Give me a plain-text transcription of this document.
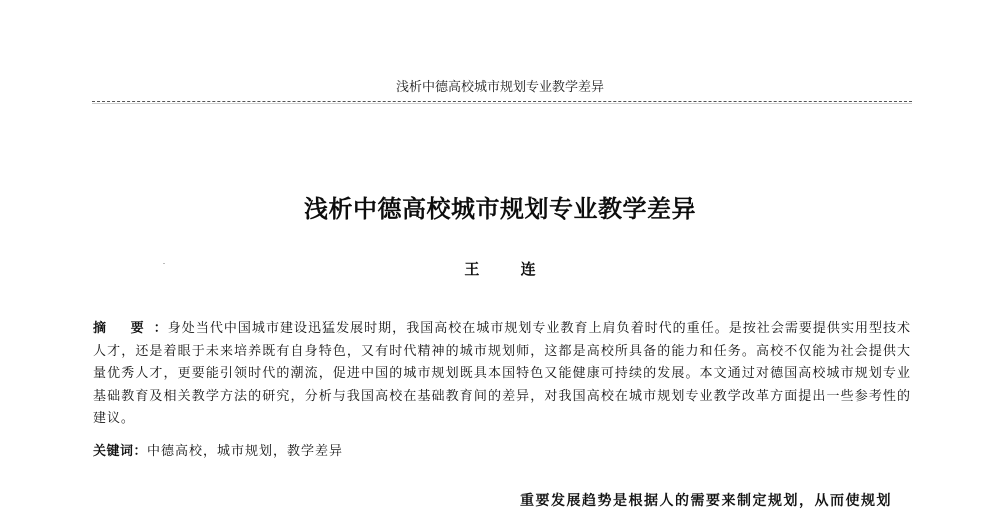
浅析中德高校城市规划专业教学差异
浅析中德高校城市规划专业教学差异
王 连
摘 要：身处当代中国城市建设迅猛发展时期，我国高校在城市规划专业教育上肩负着时代的重任。是按社会需要提供实用型技术人才，还是着眼于未来培养既有自身特色，又有时代精神的城市规划师，这都是高校所具备的能力和任务。高校不仅能为社会提供大量优秀人才，更要能引领时代的潮流，促进中国的城市规划既具本国特色又能健康可持续的发展。本文通过对德国高校城市规划专业基础教育及相关教学方法的研究，分析与我国高校在基础教育间的差异，对我国高校在城市规划专业教学改革方面提出一些参考性的建议。
关键词：中德高校，城市规划，教学差异
重要发展趋势是根据人的需要来制定规划，从而使规划
